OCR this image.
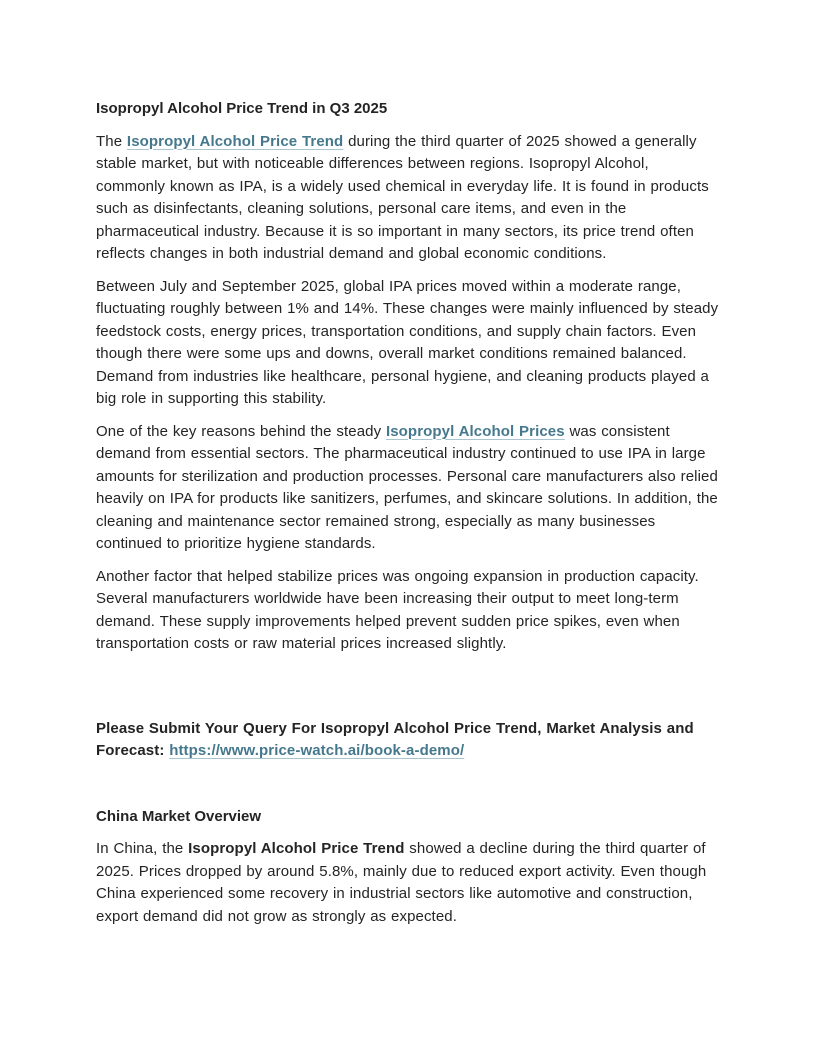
Isopropyl Alcohol Price Trend in Q3 2025

The Isopropyl Alcohol Price Trend during the third quarter of 2025 showed a generally stable market, but with noticeable differences between regions. Isopropyl Alcohol, commonly known as IPA, is a widely used chemical in everyday life. It is found in products such as disinfectants, cleaning solutions, personal care items, and even in the pharmaceutical industry. Because it is so important in many sectors, its price trend often reflects changes in both industrial demand and global economic conditions.

Between July and September 2025, global IPA prices moved within a moderate range, fluctuating roughly between 1% and 14%. These changes were mainly influenced by steady feedstock costs, energy prices, transportation conditions, and supply chain factors. Even though there were some ups and downs, overall market conditions remained balanced. Demand from industries like healthcare, personal hygiene, and cleaning products played a big role in supporting this stability.

One of the key reasons behind the steady Isopropyl Alcohol Prices was consistent demand from essential sectors. The pharmaceutical industry continued to use IPA in large amounts for sterilization and production processes. Personal care manufacturers also relied heavily on IPA for products like sanitizers, perfumes, and skincare solutions. In addition, the cleaning and maintenance sector remained strong, especially as many businesses continued to prioritize hygiene standards.

Another factor that helped stabilize prices was ongoing expansion in production capacity. Several manufacturers worldwide have been increasing their output to meet long-term demand. These supply improvements helped prevent sudden price spikes, even when transportation costs or raw material prices increased slightly.

Please Submit Your Query For Isopropyl Alcohol Price Trend, Market Analysis and Forecast: https://www.price-watch.ai/book-a-demo/

China Market Overview

In China, the Isopropyl Alcohol Price Trend showed a decline during the third quarter of 2025. Prices dropped by around 5.8%, mainly due to reduced export activity. Even though China experienced some recovery in industrial sectors like automotive and construction, export demand did not grow as strongly as expected.
